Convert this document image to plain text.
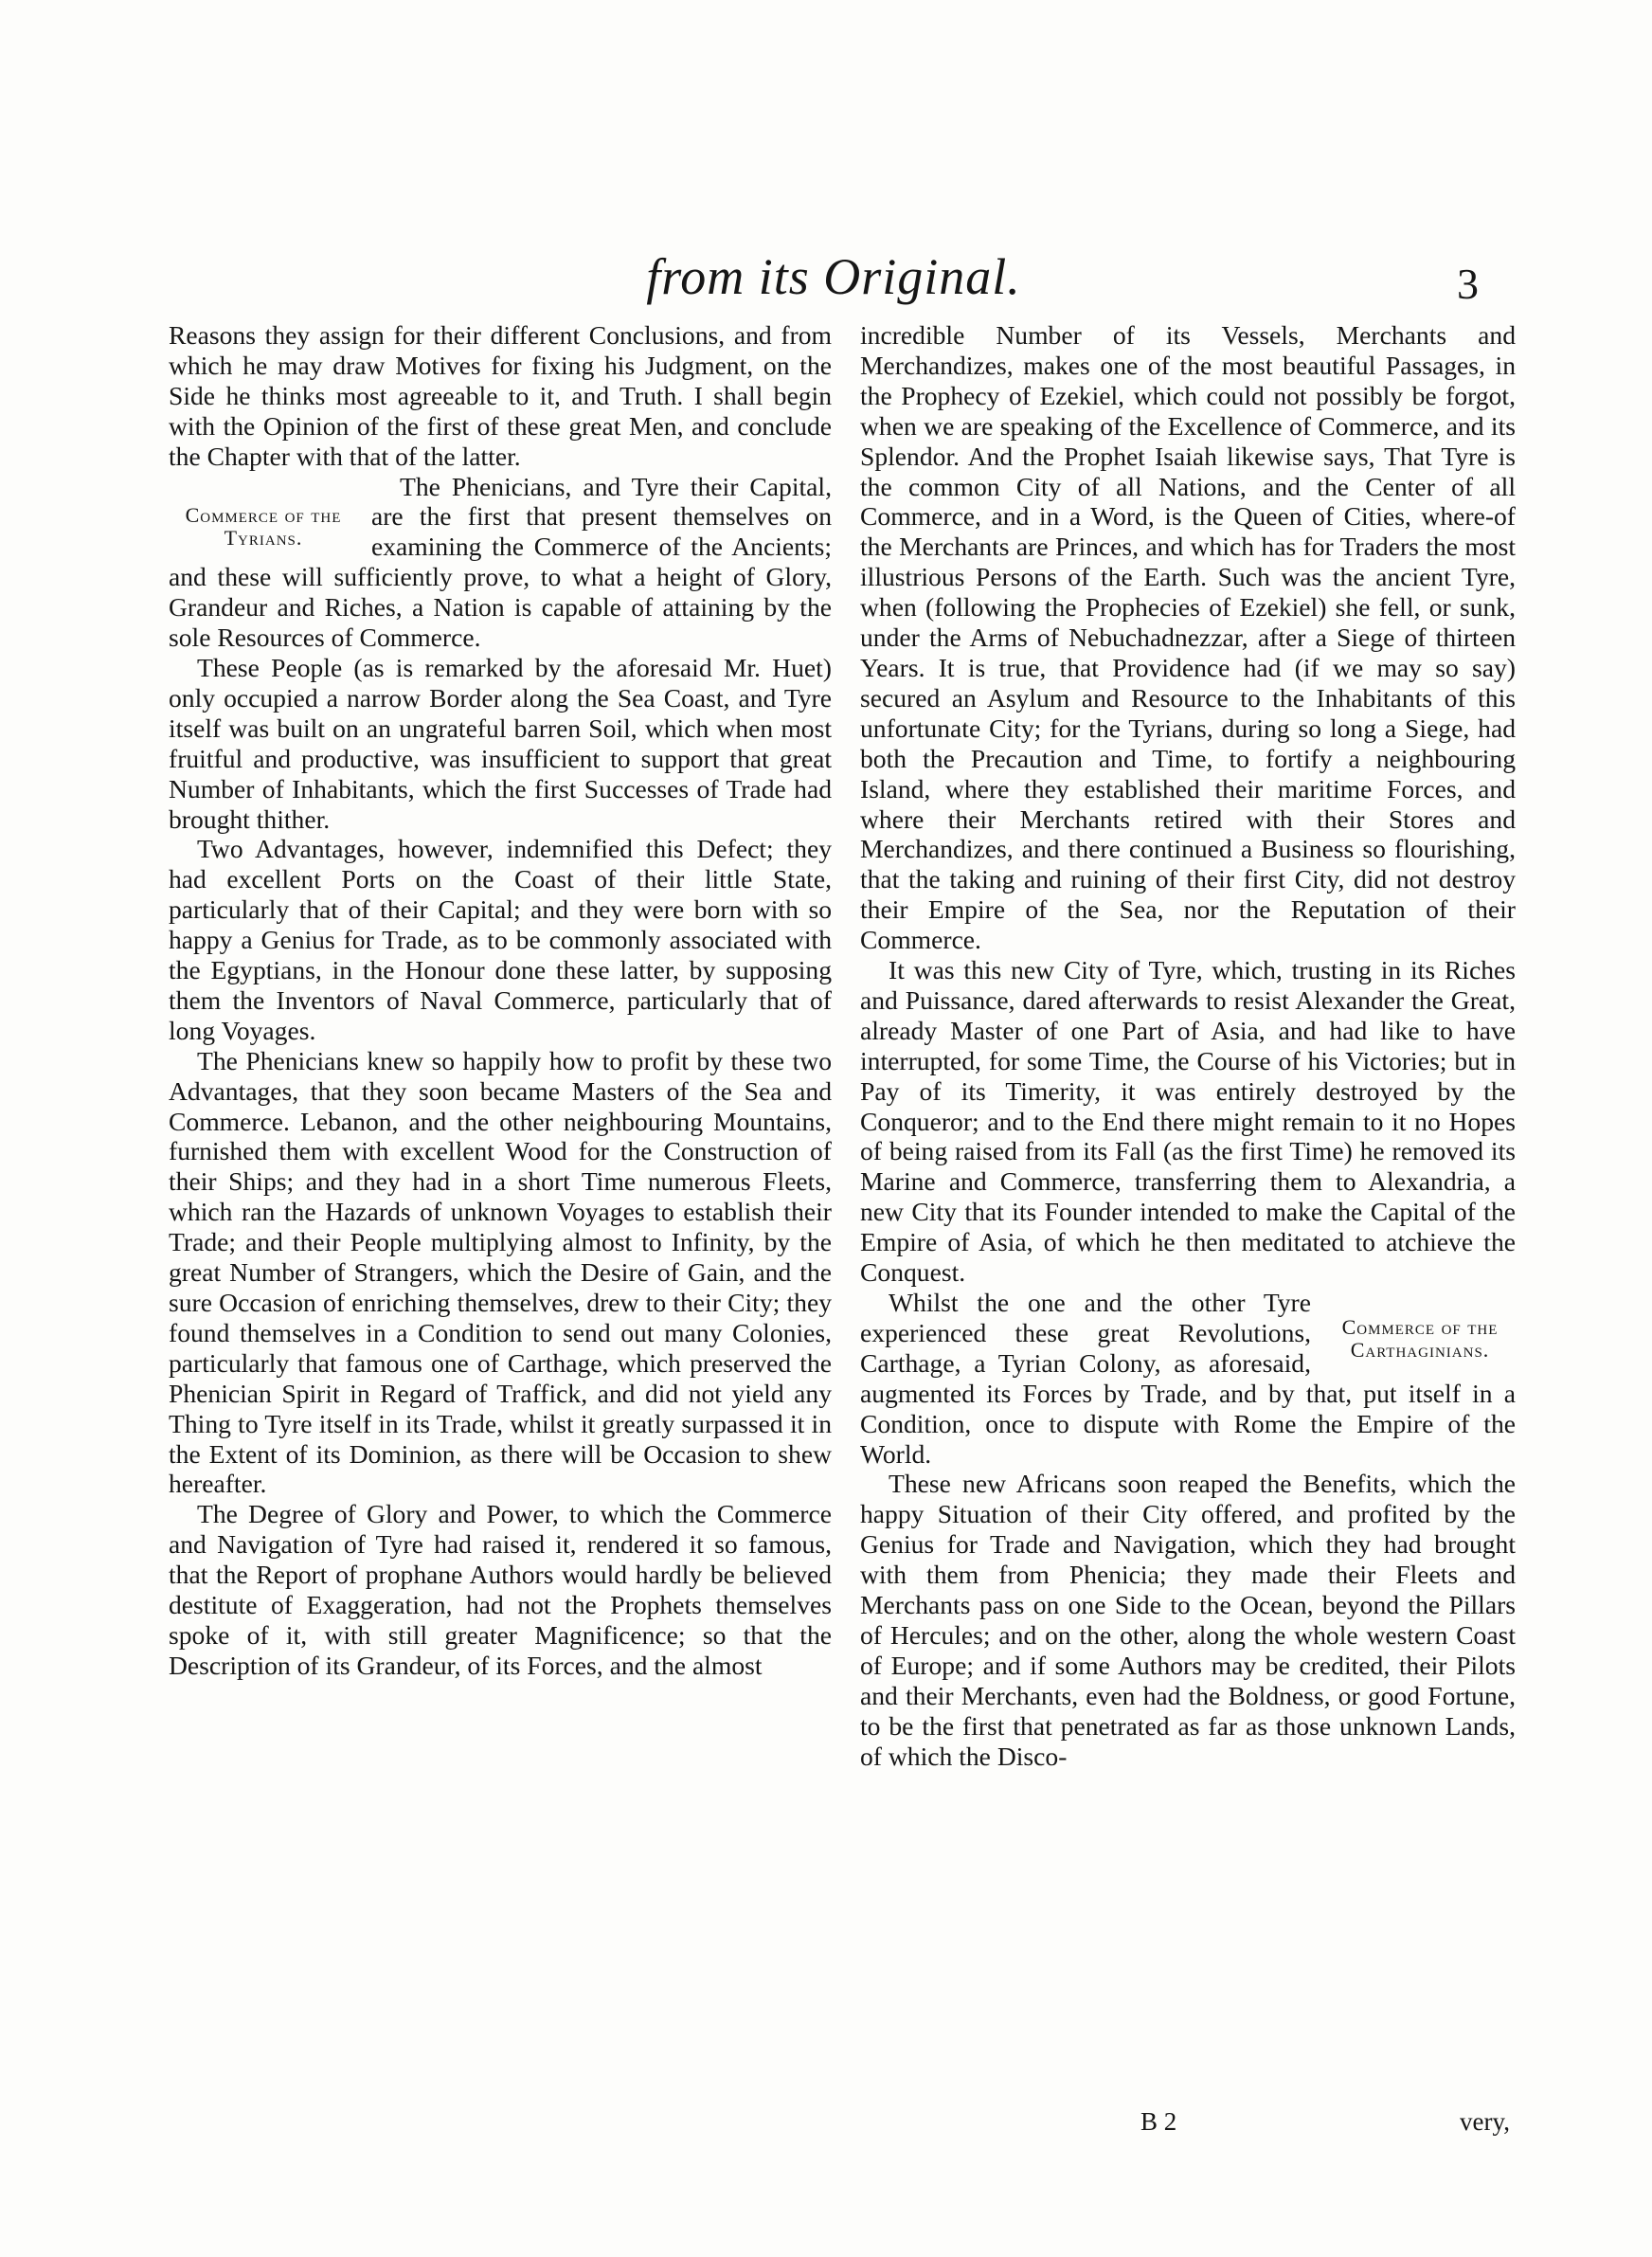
from its Original.	3

Reasons they assign for their different Conclusions, and from which he may draw Motives for fixing his Judgment, on the Side he thinks most agreeable to it, and Truth. I shall begin with the Opinion of the first of these great Men, and conclude the Chapter with that of the latter.

Commerce of the Tyrians.

The Phenicians, and Tyre their Capital, are the first that present themselves on examining the Commerce of the Ancients; and these will sufficiently prove, to what a height of Glory, Grandeur and Riches, a Nation is capable of attaining by the sole Resources of Commerce.

These People (as is remarked by the aforesaid Mr. Huet) only occupied a narrow Border along the Sea Coast, and Tyre itself was built on an ungrateful barren Soil, which when most fruitful and productive, was insufficient to support that great Number of Inhabitants, which the first Successes of Trade had brought thither.

Two Advantages, however, indemnified this Defect; they had excellent Ports on the Coast of their little State, particularly that of their Capital; and they were born with so happy a Genius for Trade, as to be commonly associated with the Egyptians, in the Honour done these latter, by supposing them the Inventors of Naval Commerce, particularly that of long Voyages.

The Phenicians knew so happily how to profit by these two Advantages, that they soon became Masters of the Sea and Commerce. Lebanon, and the other neighbouring Mountains, furnished them with excellent Wood for the Construction of their Ships; and they had in a short Time numerous Fleets, which ran the Hazards of unknown Voyages to establish their Trade; and their People multiplying almost to Infinity, by the great Number of Strangers, which the Desire of Gain, and the sure Occasion of enriching themselves, drew to their City; they found themselves in a Condition to send out many Colonies, particularly that famous one of Carthage, which preserved the Phenician Spirit in Regard of Traffick, and did not yield any Thing to Tyre itself in its Trade, whilst it greatly surpassed it in the Extent of its Dominion, as there will be Occasion to shew hereafter.

The Degree of Glory and Power, to which the Commerce and Navigation of Tyre had raised it, rendered it so famous, that the Report of prophane Authors would hardly be believed destitute of Exaggeration, had not the Prophets themselves spoke of it, with still greater Magnificence; so that the Description of its Grandeur, of its Forces, and the almost

incredible Number of its Vessels, Merchants and Merchandizes, makes one of the most beautiful Passages, in the Prophecy of Ezekiel, which could not possibly be forgot, when we are speaking of the Excellence of Commerce, and its Splendor. And the Prophet Isaiah likewise says, That Tyre is the common City of all Nations, and the Center of all Commerce, and in a Word, is the Queen of Cities, where-of the Merchants are Princes, and which has for Traders the most illustrious Persons of the Earth. Such was the ancient Tyre, when (following the Prophecies of Ezekiel) she fell, or sunk, under the Arms of Nebuchadnezzar, after a Siege of thirteen Years. It is true, that Providence had (if we may so say) secured an Asylum and Resource to the Inhabitants of this unfortunate City; for the Tyrians, during so long a Siege, had both the Precaution and Time, to fortify a neighbouring Island, where they established their maritime Forces, and where their Merchants retired with their Stores and Merchandizes, and there continued a Business so flourishing, that the taking and ruining of their first City, did not destroy their Empire of the Sea, nor the Reputation of their Commerce.

It was this new City of Tyre, which, trusting in its Riches and Puissance, dared afterwards to resist Alexander the Great, already Master of one Part of Asia, and had like to have interrupted, for some Time, the Course of his Victories; but in Pay of its Timerity, it was entirely destroyed by the Conqueror; and to the End there might remain to it no Hopes of being raised from its Fall (as the first Time) he removed its Marine and Commerce, transferring them to Alexandria, a new City that its Founder intended to make the Capital of the Empire of Asia, of which he then meditated to atchieve the Conquest.

Commerce of the Carthaginians.

Whilst the one and the other Tyre experienced these great Revolutions, Carthage, a Tyrian Colony, as aforesaid, augmented its Forces by Trade, and by that, put itself in a Condition, once to dispute with Rome the Empire of the World.

These new Africans soon reaped the Benefits, which the happy Situation of their City offered, and profited by the Genius for Trade and Navigation, which they had brought with them from Phenicia; they made their Fleets and Merchants pass on one Side to the Ocean, beyond the Pillars of Hercules; and on the other, along the whole western Coast of Europe; and if some Authors may be credited, their Pilots and their Merchants, even had the Boldness, or good Fortune, to be the first that penetrated as far as those unknown Lands, of which the Disco-

B 2	very ,
